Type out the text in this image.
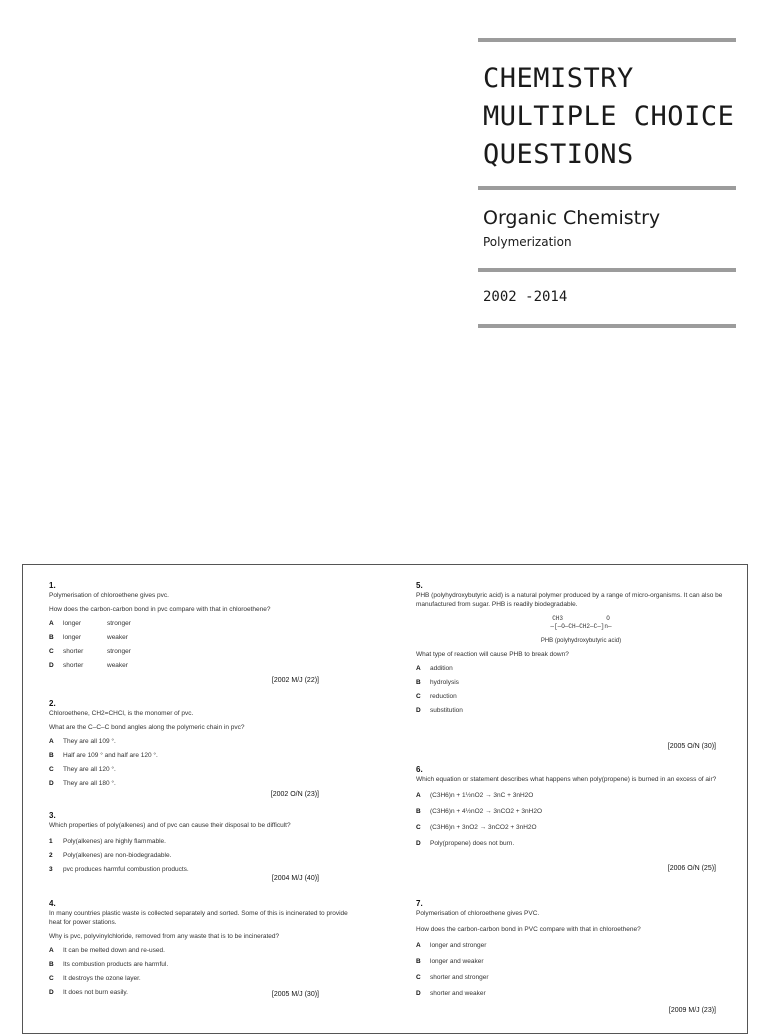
CHEMISTRY
MULTIPLE CHOICE
QUESTIONS
Organic Chemistry
Polymerization
2002 -2014
1.
Polymerisation of chloroethene gives pvc.
How does the carbon-carbon bond in pvc compare with that in chloroethene?
A	longer	stronger
B	longer	weaker
C	shorter	stronger
D	shorter	weaker
[2002 M/J (22)]
2.
Chloroethene, CH2=CHCl, is the monomer of pvc.
What are the C–C–C bond angles along the polymeric chain in pvc?
A	They are all 109 °.
B	Half are 109 ° and half are 120 °.
C	They are all 120 °.
D	They are all 180 °.
[2002 O/N (23)]
3.
Which properties of poly(alkenes) and of pvc can cause their disposal to be difficult?
1	Poly(alkenes) are highly flammable.
2	Poly(alkenes) are non-biodegradable.
3	pvc produces harmful combustion products.
[2004 M/J (40)]
4.
In many countries plastic waste is collected separately and sorted. Some of this is incinerated to provide heat for power stations.
Why is pvc, polyvinylchloride, removed from any waste that is to be incinerated?
A	It can be melted down and re-used.
B	Its combustion products are harmful.
C	It destroys the ozone layer.
D	It does not burn easily.	[2005 M/J (30)]
5.
PHB (polyhydroxybutyric acid) is a natural polymer produced by a range of micro-organisms. It can also be manufactured from sugar. PHB is readily biodegradable.
CH3            O
—[—O—CH—CH2—C—]n—
PHB (polyhydroxybutyric acid)
What type of reaction will cause PHB to break down?
A	addition
B	hydrolysis
C	reduction
D	substitution
[2005 O/N (30)]
6.
Which equation or statement describes what happens when poly(propene) is burned in an excess of air?
A	(C3H6)n + 1½nO2 → 3nC + 3nH2O
B	(C3H6)n + 4½nO2 → 3nCO2 + 3nH2O
C	(C3H6)n + 3nO2 → 3nCO2 + 3nH2O
D	Poly(propene) does not burn.
[2006 O/N (25)]
7.
Polymerisation of chloroethene gives PVC.
How does the carbon-carbon bond in PVC compare with that in chloroethene?
A	longer and stronger
B	longer and weaker
C	shorter and stronger
D	shorter and weaker
[2009 M/J (23)]
